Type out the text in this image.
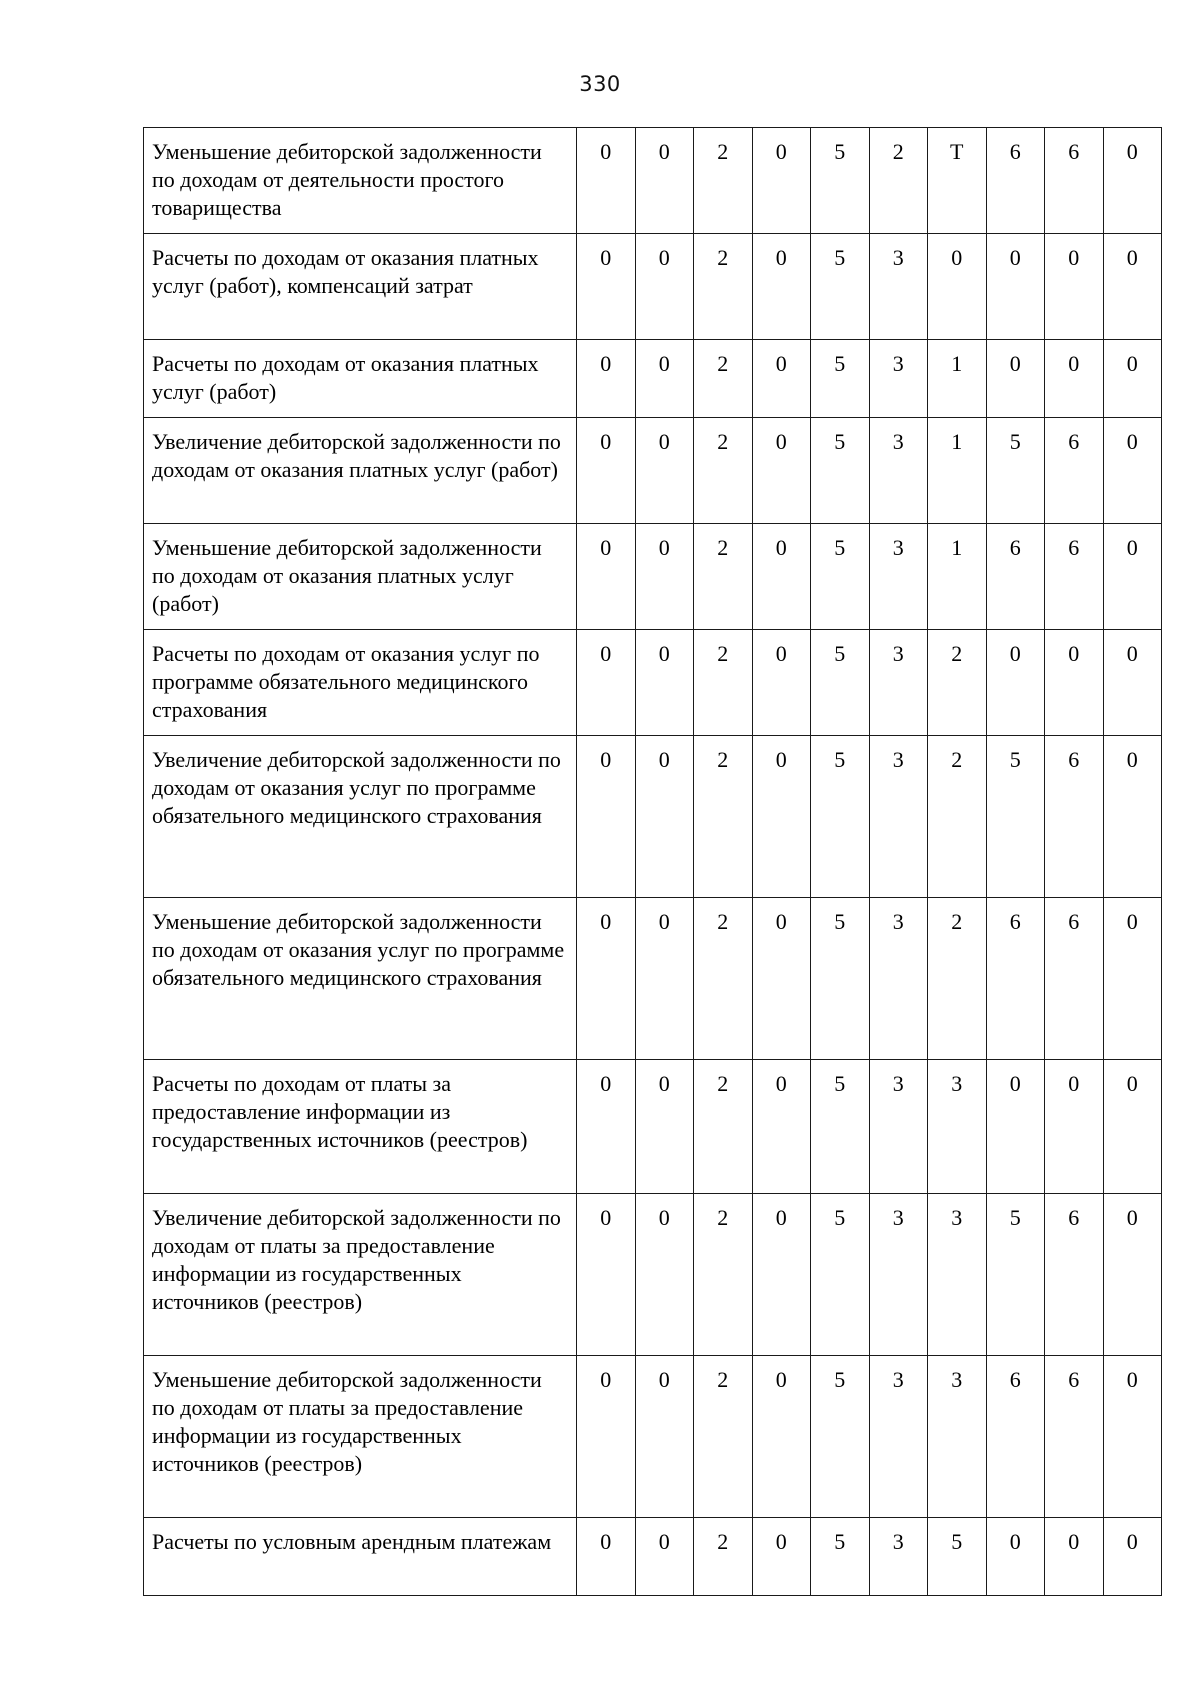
330
Уменьшение дебиторской задолженности по доходам от деятельности простого товарищества	0	0	2	0	5	2	Т	6	6	0
Расчеты по доходам от оказания платных услуг (работ), компенсаций затрат	0	0	2	0	5	3	0	0	0	0
Расчеты по доходам от оказания платных услуг (работ)	0	0	2	0	5	3	1	0	0	0
Увеличение дебиторской задолженности по доходам от оказания платных услуг (работ)	0	0	2	0	5	3	1	5	6	0
Уменьшение дебиторской задолженности по доходам от оказания платных услуг (работ)	0	0	2	0	5	3	1	6	6	0
Расчеты по доходам от оказания услуг по программе обязательного медицинского страхования	0	0	2	0	5	3	2	0	0	0
Увеличение дебиторской задолженности по доходам от оказания услуг по программе обязательного медицинского страхования	0	0	2	0	5	3	2	5	6	0
Уменьшение дебиторской задолженности по доходам от оказания услуг по программе обязательного медицинского страхования	0	0	2	0	5	3	2	6	6	0
Расчеты по доходам от платы за предоставление информации из государственных источников (реестров)	0	0	2	0	5	3	3	0	0	0
Увеличение дебиторской задолженности по доходам от платы за предоставление информации из государственных источников (реестров)	0	0	2	0	5	3	3	5	6	0
Уменьшение дебиторской задолженности по доходам от платы за предоставление информации из государственных источников (реестров)	0	0	2	0	5	3	3	6	6	0
Расчеты по условным арендным платежам	0	0	2	0	5	3	5	0	0	0
